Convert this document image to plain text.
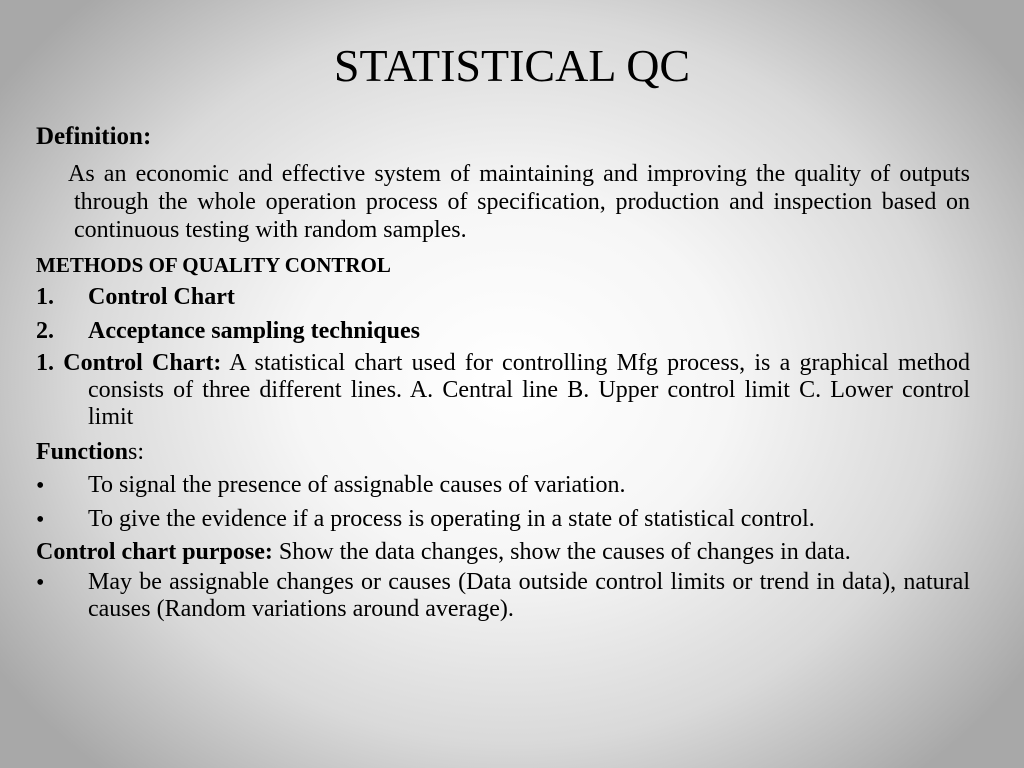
STATISTICAL QC
Definition:
As an economic and effective system of maintaining and improving the quality of outputs through the whole operation process of specification, production and inspection based on continuous testing with random samples.
METHODS OF QUALITY CONTROL
1.	Control Chart
2.	Acceptance sampling techniques
1. Control Chart: A statistical chart used for controlling Mfg process, is a graphical method consists of three different lines. A. Central line B. Upper control limit C. Lower control limit
Functions:
•	To signal the presence of assignable causes of variation.
•	To give the evidence if a process is operating in a state of statistical control.
Control chart purpose: Show the data changes, show the causes of changes in data.
•	May be assignable changes or causes (Data outside control limits or trend in data), natural causes (Random variations around average).
